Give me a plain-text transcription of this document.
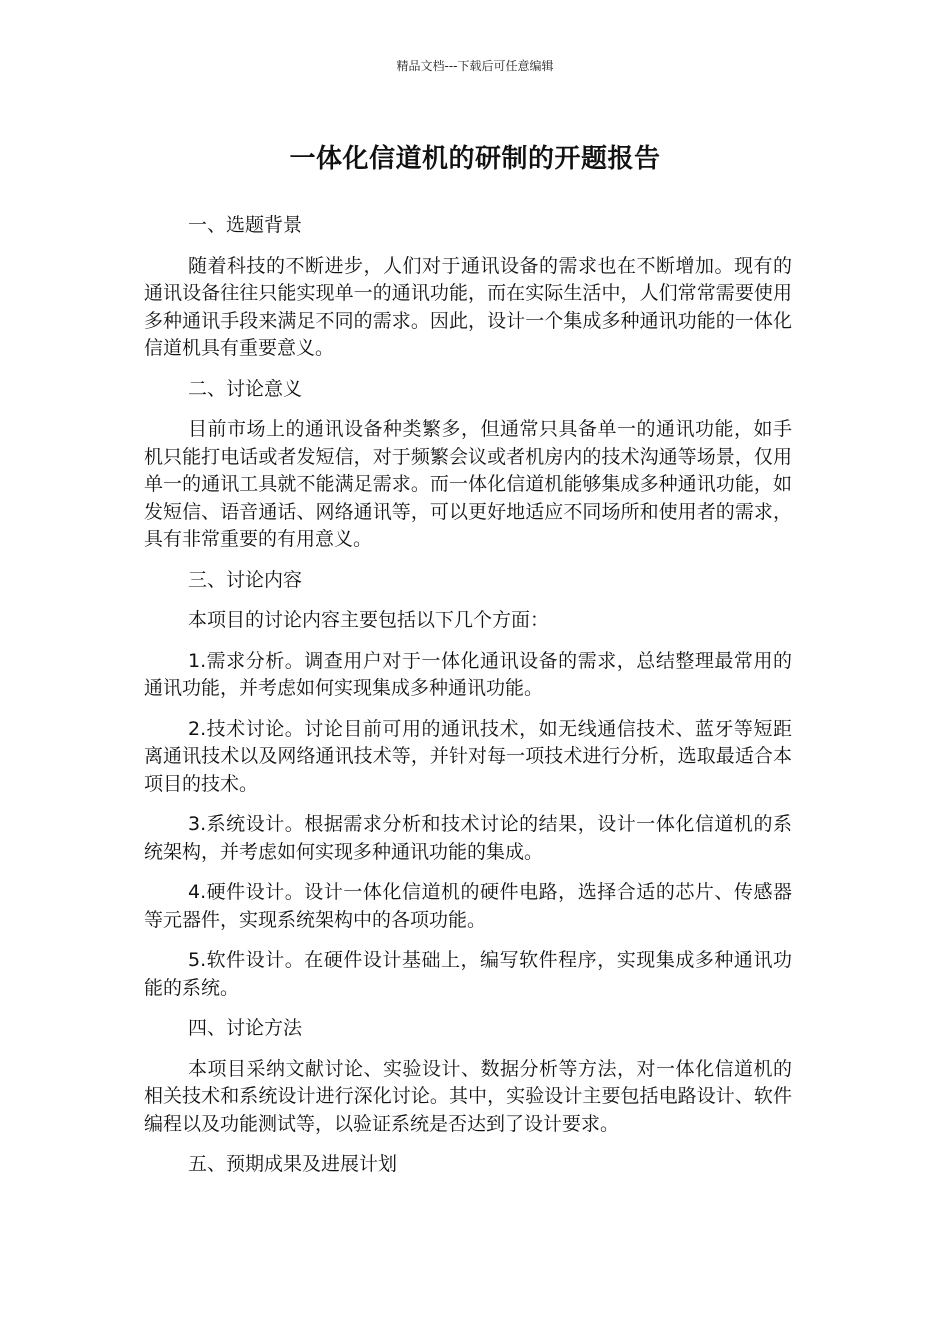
精品文档---下载后可任意编辑
一体化信道机的研制的开题报告

一、选题背景

随着科技的不断进步，人们对于通讯设备的需求也在不断增加。现有的通讯设备往往只能实现单一的通讯功能，而在实际生活中，人们常常需要使用多种通讯手段来满足不同的需求。因此，设计一个集成多种通讯功能的一体化信道机具有重要意义。

二、讨论意义

目前市场上的通讯设备种类繁多，但通常只具备单一的通讯功能，如手机只能打电话或者发短信，对于频繁会议或者机房内的技术沟通等场景，仅用单一的通讯工具就不能满足需求。而一体化信道机能够集成多种通讯功能，如发短信、语音通话、网络通讯等，可以更好地适应不同场所和使用者的需求，具有非常重要的有用意义。

三、讨论内容

本项目的讨论内容主要包括以下几个方面：

1.需求分析。调查用户对于一体化通讯设备的需求，总结整理最常用的通讯功能，并考虑如何实现集成多种通讯功能。

2.技术讨论。讨论目前可用的通讯技术，如无线通信技术、蓝牙等短距离通讯技术以及网络通讯技术等，并针对每一项技术进行分析，选取最适合本项目的技术。

3.系统设计。根据需求分析和技术讨论的结果，设计一体化信道机的系统架构，并考虑如何实现多种通讯功能的集成。

4.硬件设计。设计一体化信道机的硬件电路，选择合适的芯片、传感器等元器件，实现系统架构中的各项功能。

5.软件设计。在硬件设计基础上，编写软件程序，实现集成多种通讯功能的系统。

四、讨论方法

本项目采纳文献讨论、实验设计、数据分析等方法，对一体化信道机的相关技术和系统设计进行深化讨论。其中，实验设计主要包括电路设计、软件编程以及功能测试等，以验证系统是否达到了设计要求。

五、预期成果及进展计划
